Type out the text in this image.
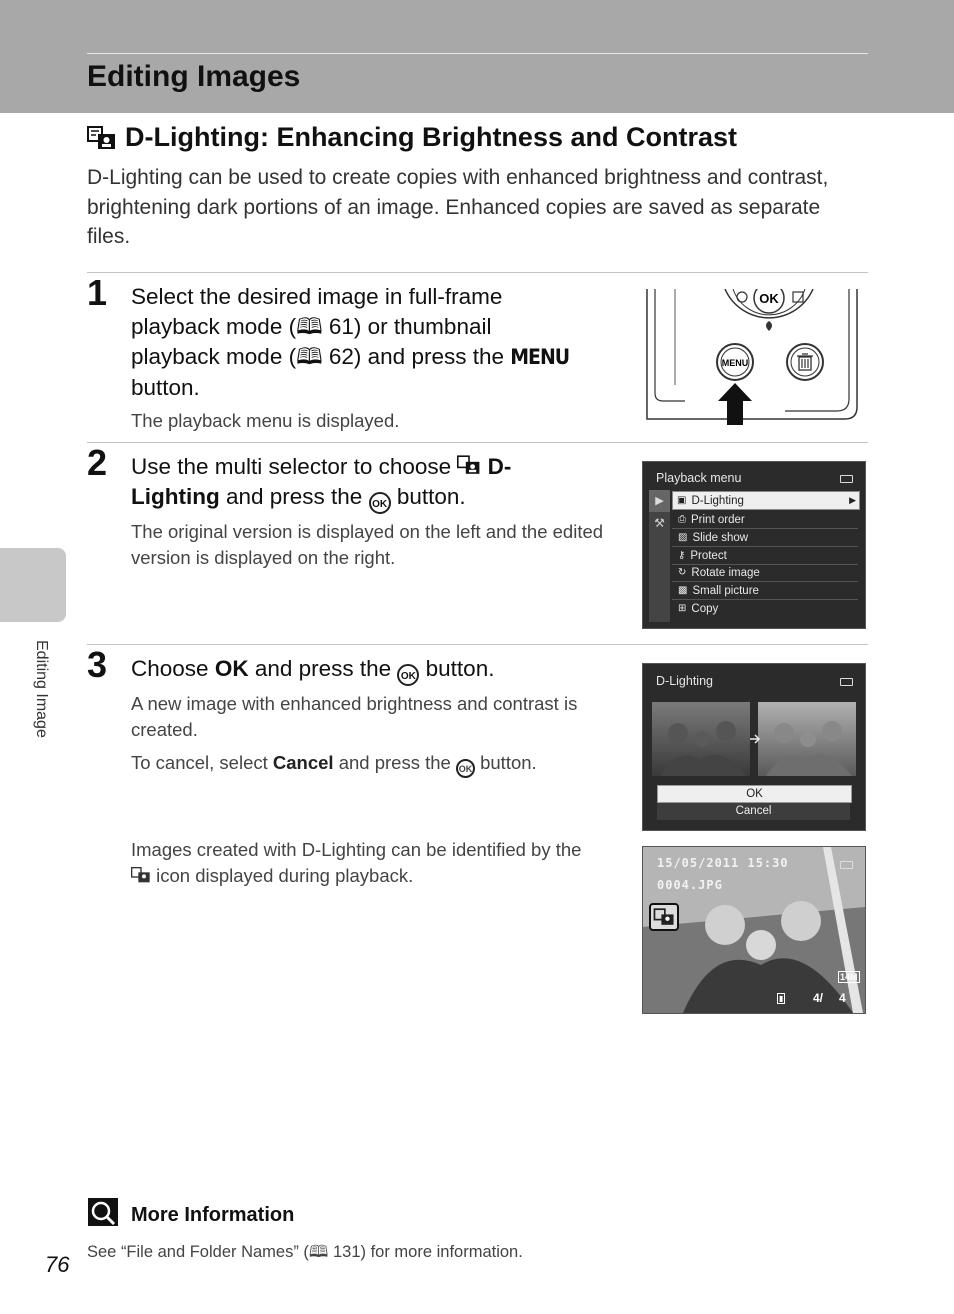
Editing Images
Editing Image
D-Lighting: Enhancing Brightness and Contrast

D-Lighting can be used to create copies with enhanced brightness and contrast, brightening dark portions of an image. Enhanced copies are saved as separate files.

1 Select the desired image in full-frame
playback mode (🕮 61) or thumbnail
playback mode (🕮 62) and press the MENU
button.

The playback menu is displayed.

OK
MENU
2 Use the multi selector to choose  D-
Lighting and press the OK button.

The original version is displayed on the left and the edited version is displayed on the right.

Playback menu
▶
⚒
▣ D-Lighting	▶
⎙ Print order
▨ Slide show
⚷ Protect
↻ Rotate image
▩ Small picture
⊞ Copy
3 Choose OK and press the OK button.

A new image with enhanced brightness and contrast is created.

To cancel, select Cancel and press the OK button.

Images created with D-Lighting can be identified by the
icon displayed during playback.

D-Lighting
OK
Cancel
15/05/2011 15:30
0004.JPG
14M
▮ 4/ 4
More Information
See “File and Folder Names” (🕮 131) for more information.
76
